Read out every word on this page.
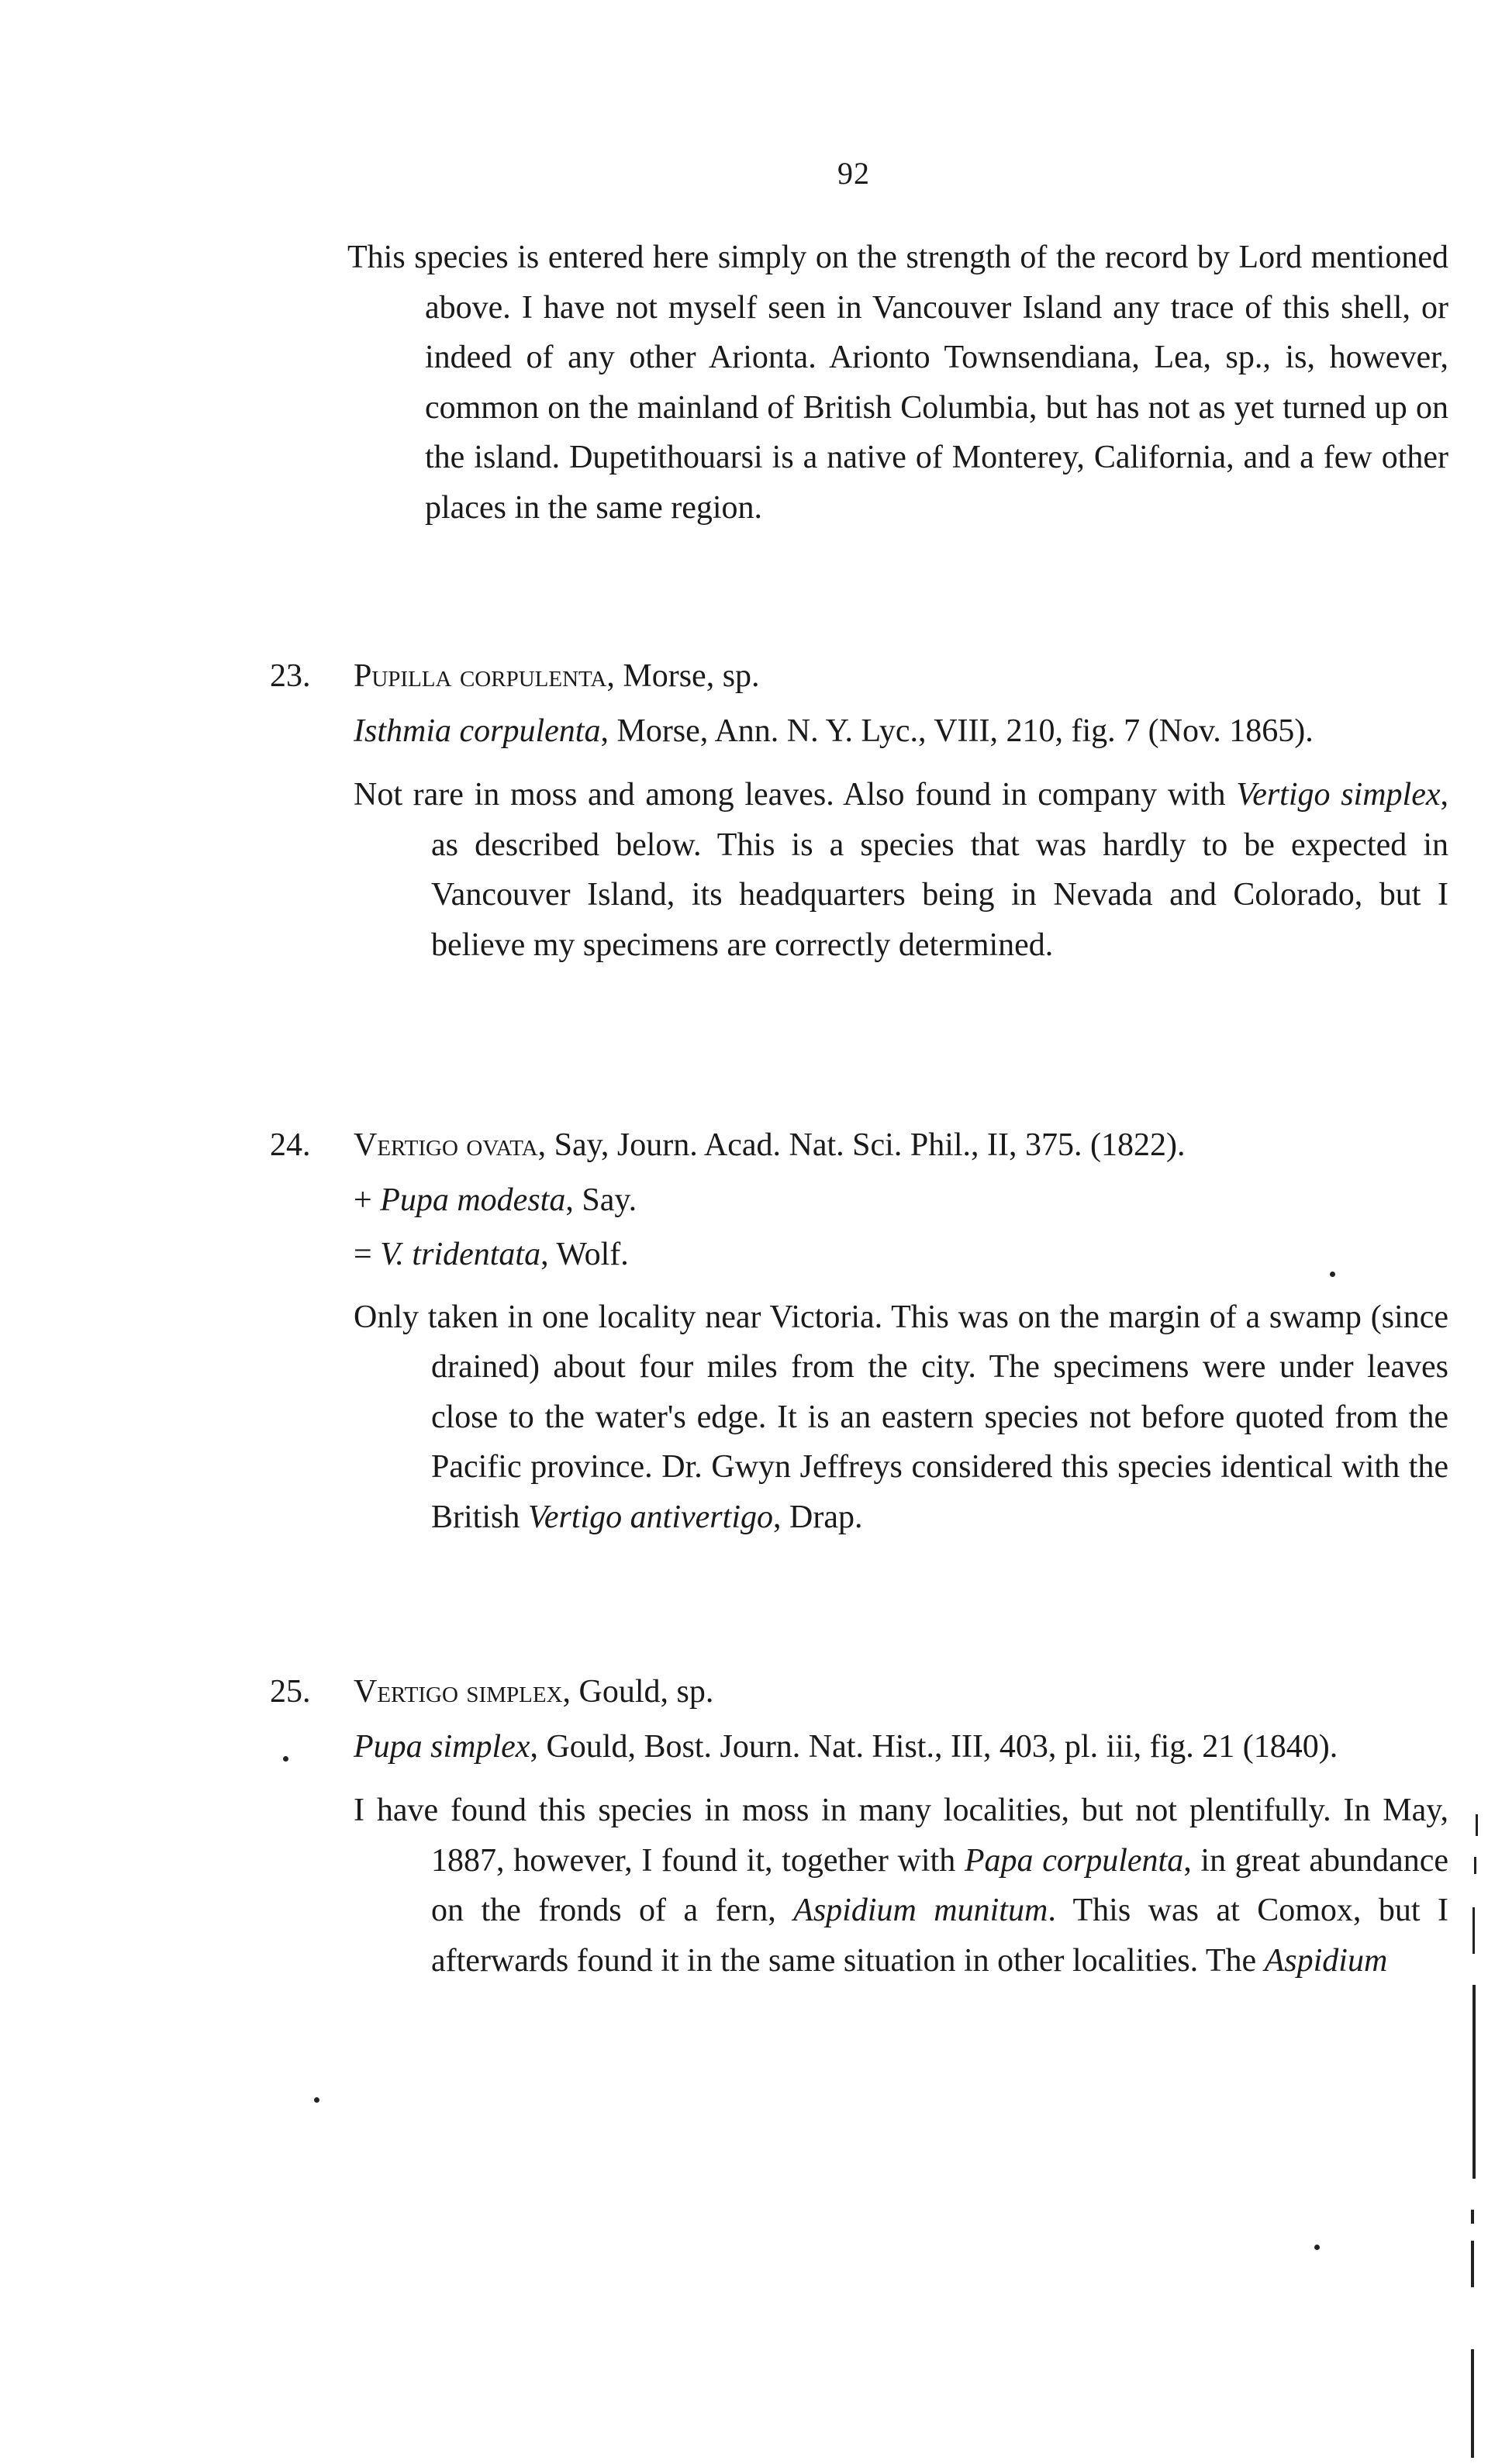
92

This species is entered here simply on the strength of the record by Lord mentioned above. I have not myself seen in Vancouver Island any trace of this shell, or indeed of any other Arionta. Arionto Townsendiana, Lea, sp., is, however, common on the mainland of British Columbia, but has not as yet turned up on the island. Dupetithouarsi is a native of Monterey, California, and a few other places in the same region.

23. Pupilla corpulenta, Morse, sp.

Isthmia corpulenta, Morse, Ann. N. Y. Lyc., VIII, 210, fig. 7 (Nov. 1865).

Not rare in moss and among leaves. Also found in company with Vertigo simplex, as described below. This is a species that was hardly to be expected in Vancouver Island, its headquarters being in Nevada and Colorado, but I believe my specimens are correctly determined.

24. Vertigo ovata, Say, Journ. Acad. Nat. Sci. Phil., II, 375. (1822).

+ Pupa modesta, Say.

= V. tridentata, Wolf.

Only taken in one locality near Victoria. This was on the margin of a swamp (since drained) about four miles from the city. The specimens were under leaves close to the water's edge. It is an eastern species not before quoted from the Pacific province. Dr. Gwyn Jeffreys considered this species identical with the British Vertigo antivertigo, Drap.

25. Vertigo simplex, Gould, sp.

Pupa simplex, Gould, Bost. Journ. Nat. Hist., III, 403, pl. iii, fig. 21 (1840).

I have found this species in moss in many localities, but not plentifully. In May, 1887, however, I found it, together with Papa corpulenta, in great abundance on the fronds of a fern, Aspidium munitum. This was at Comox, but I afterwards found it in the same situation in other localities. The Aspidium
